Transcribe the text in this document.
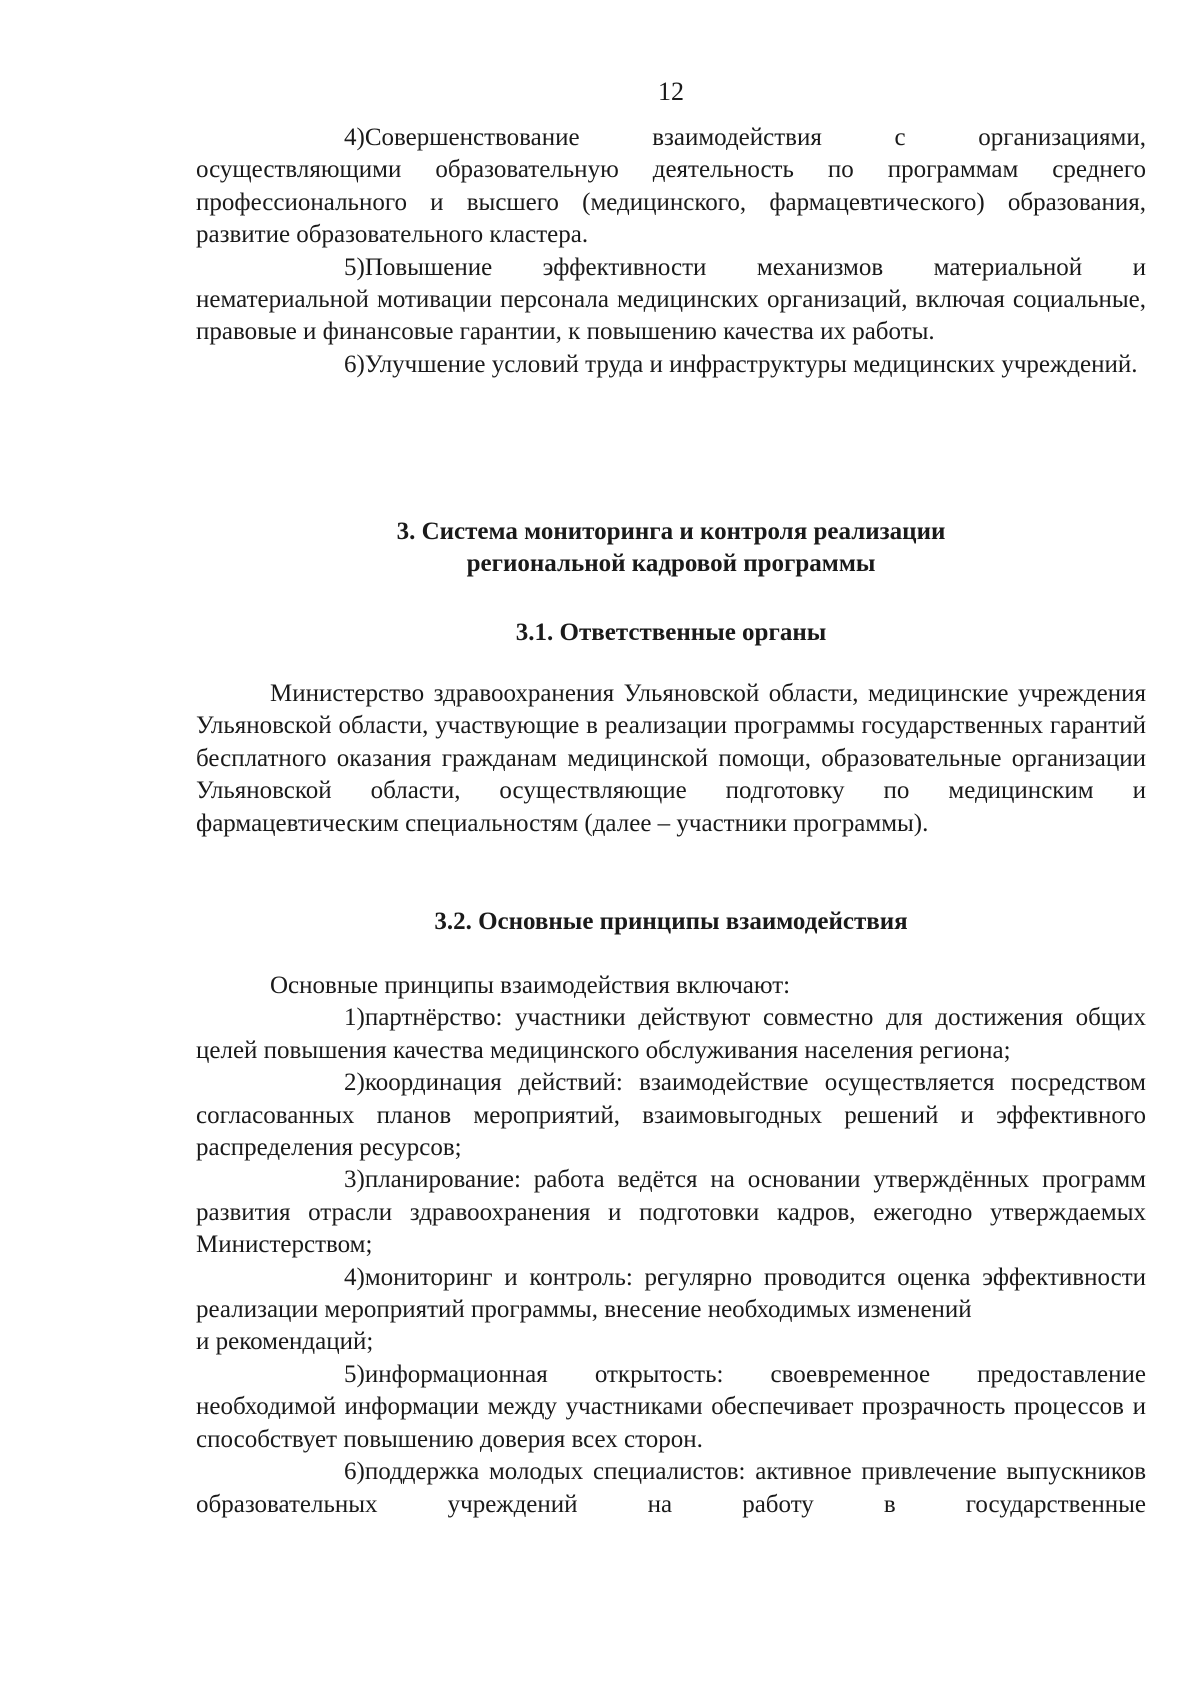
12

4)Совершенствование взаимодействия с организациями, осуществляющими образовательную деятельность по программам среднего профессионального и высшего (медицинского, фармацевтического) образования, развитие образовательного кластера.

5)Повышение эффективности механизмов материальной и нематериальной мотивации персонала медицинских организаций, включая социальные, правовые и финансовые гарантии, к повышению качества их работы.

6)Улучшение условий труда и инфраструктуры медицинских учреждений.

3. Система мониторинга и контроля реализации
региональной кадровой программы
3.1. Ответственные органы

Министерство здравоохранения Ульяновской области, медицинские учреждения Ульяновской области, участвующие в реализации программы государственных гарантий бесплатного оказания гражданам медицинской помощи, образовательные организации Ульяновской области, осуществляющие подготовку по медицинским и фармацевтическим специальностям (далее – участники программы).

3.2. Основные принципы взаимодействия

Основные принципы взаимодействия включают:

1)партнёрство: участники действуют совместно для достижения общих целей повышения качества медицинского обслуживания населения региона;

2)координация действий: взаимодействие осуществляется посредством согласованных планов мероприятий, взаимовыгодных решений и эффективного распределения ресурсов;

3)планирование: работа ведётся на основании утверждённых программ развития отрасли здравоохранения и подготовки кадров, ежегодно утверждаемых Министерством;

4)мониторинг и контроль: регулярно проводится оценка эффективности реализации мероприятий программы, внесение необходимых изменений

и рекомендаций;

5)информационная открытость: своевременное предоставление необходимой информации между участниками обеспечивает прозрачность процессов и способствует повышению доверия всех сторон.

6)поддержка молодых специалистов: активное привлечение выпускников образовательных учреждений на работу в государственные
